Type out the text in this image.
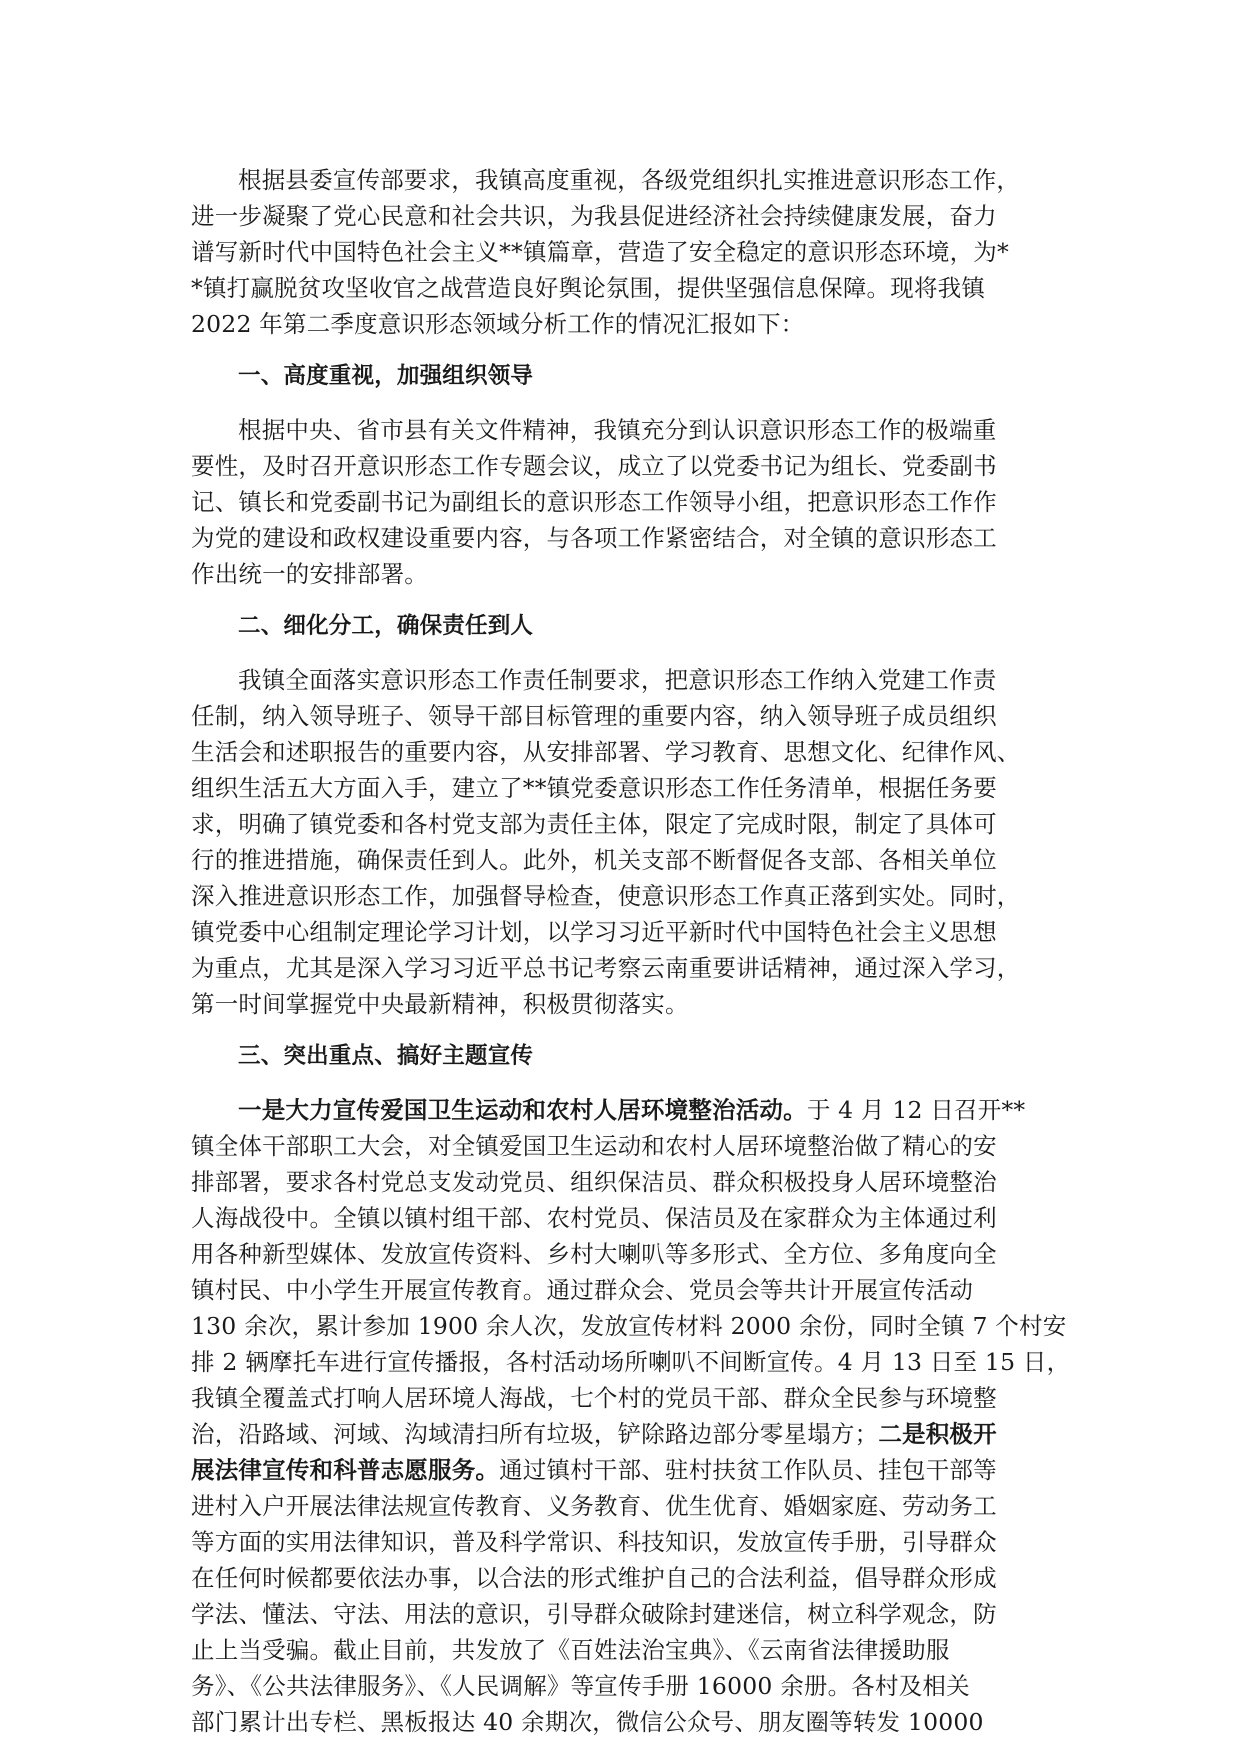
根据县委宣传部要求，我镇高度重视，各级党组织扎实推进意识形态工作，
进一步凝聚了党心民意和社会共识，为我县促进经济社会持续健康发展，奋力
谱写新时代中国特色社会主义**镇篇章，营造了安全稳定的意识形态环境，为*
*镇打赢脱贫攻坚收官之战营造良好舆论氛围，提供坚强信息保障。现将我镇
2022 年第二季度意识形态领域分析工作的情况汇报如下：
一、高度重视，加强组织领导
根据中央、省市县有关文件精神，我镇充分到认识意识形态工作的极端重
要性，及时召开意识形态工作专题会议，成立了以党委书记为组长、党委副书
记、镇长和党委副书记为副组长的意识形态工作领导小组，把意识形态工作作
为党的建设和政权建设重要内容，与各项工作紧密结合，对全镇的意识形态工
作出统一的安排部署。
二、细化分工，确保责任到人
我镇全面落实意识形态工作责任制要求，把意识形态工作纳入党建工作责
任制，纳入领导班子、领导干部目标管理的重要内容，纳入领导班子成员组织
生活会和述职报告的重要内容，从安排部署、学习教育、思想文化、纪律作风、
组织生活五大方面入手，建立了**镇党委意识形态工作任务清单，根据任务要
求，明确了镇党委和各村党支部为责任主体，限定了完成时限，制定了具体可
行的推进措施，确保责任到人。此外，机关支部不断督促各支部、各相关单位
深入推进意识形态工作，加强督导检查，使意识形态工作真正落到实处。同时，
镇党委中心组制定理论学习计划，以学习习近平新时代中国特色社会主义思想
为重点，尤其是深入学习习近平总书记考察云南重要讲话精神，通过深入学习，
第一时间掌握党中央最新精神，积极贯彻落实。
三、突出重点、搞好主题宣传
一是大力宣传爱国卫生运动和农村人居环境整治活动。于 4 月 12 日召开**
镇全体干部职工大会，对全镇爱国卫生运动和农村人居环境整治做了精心的安
排部署，要求各村党总支发动党员、组织保洁员、群众积极投身人居环境整治
人海战役中。全镇以镇村组干部、农村党员、保洁员及在家群众为主体通过利
用各种新型媒体、发放宣传资料、乡村大喇叭等多形式、全方位、多角度向全
镇村民、中小学生开展宣传教育。通过群众会、党员会等共计开展宣传活动
130 余次，累计参加 1900 余人次，发放宣传材料 2000 余份，同时全镇 7 个村安
排 2 辆摩托车进行宣传播报，各村活动场所喇叭不间断宣传。4 月 13 日至 15 日，
我镇全覆盖式打响人居环境人海战，七个村的党员干部、群众全民参与环境整
治，沿路域、河域、沟域清扫所有垃圾，铲除路边部分零星塌方；二是积极开
展法律宣传和科普志愿服务。通过镇村干部、驻村扶贫工作队员、挂包干部等
进村入户开展法律法规宣传教育、义务教育、优生优育、婚姻家庭、劳动务工
等方面的实用法律知识，普及科学常识、科技知识，发放宣传手册，引导群众
在任何时候都要依法办事，以合法的形式维护自己的合法利益，倡导群众形成
学法、懂法、守法、用法的意识，引导群众破除封建迷信，树立科学观念，防
止上当受骗。截止目前，共发放了《百姓法治宝典》、《云南省法律援助服
务》、《公共法律服务》、《人民调解》等宣传手册 16000 余册。各村及相关
部门累计出专栏、黑板报达 40 余期次，微信公众号、朋友圈等转发 10000
